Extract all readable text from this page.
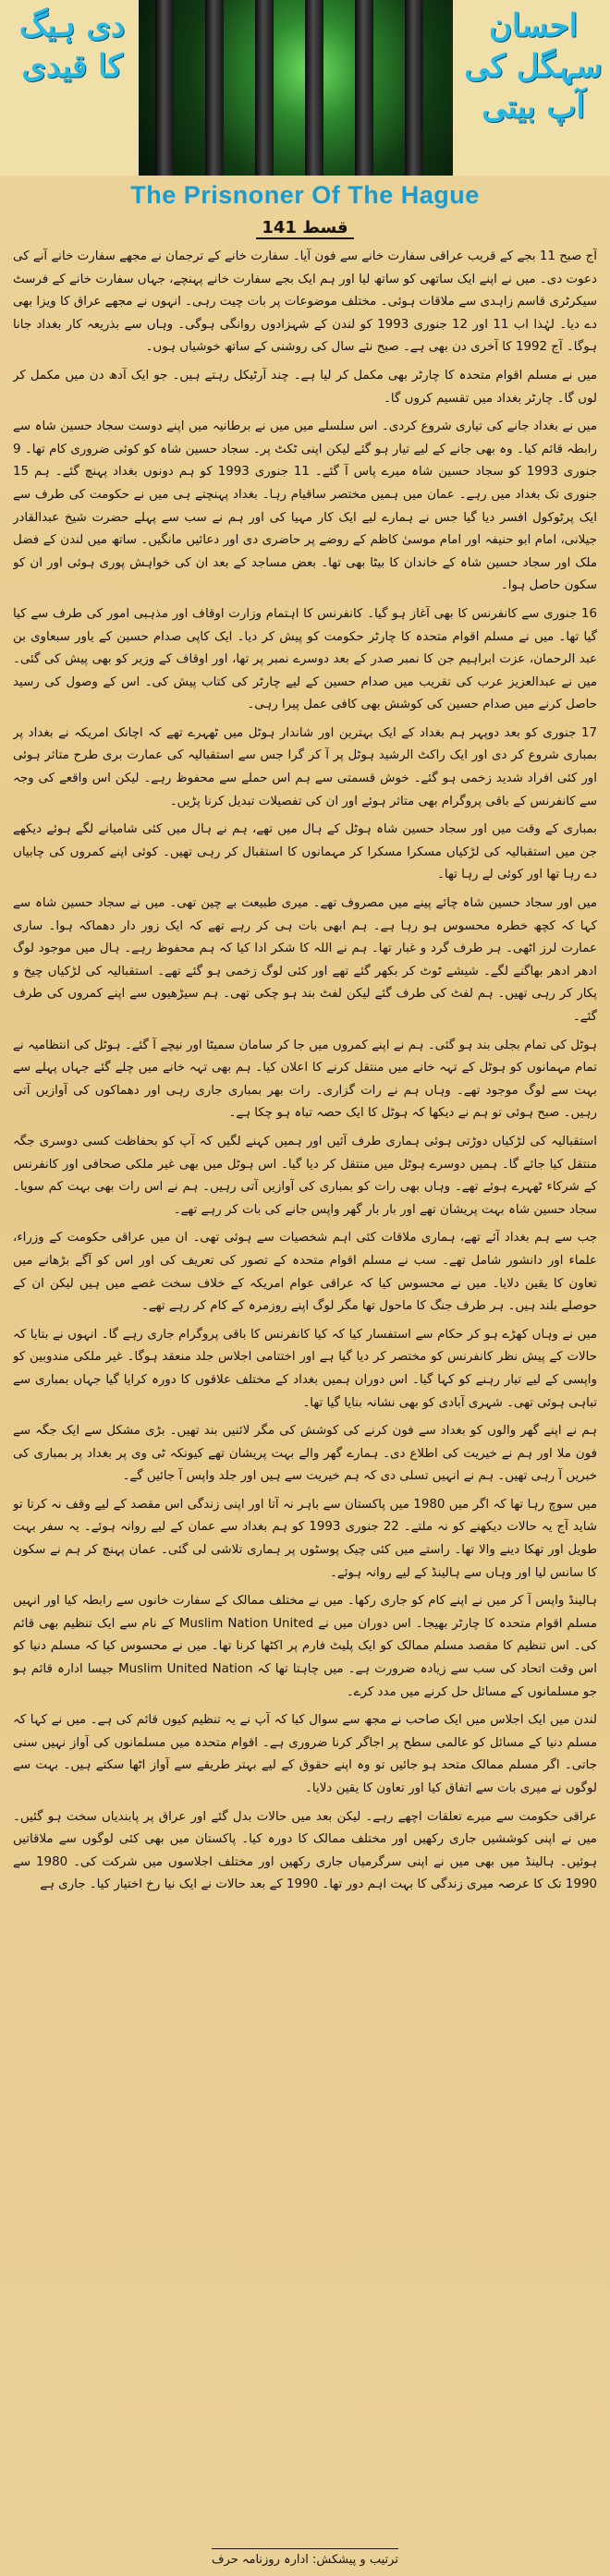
دی ہیگ کا قیدی
احسان سہگل کی آپ بیتی
The Prisnoner Of The Hague
قسط 141

آج صبح 11 بجے کے قریب عراقی سفارت خانے سے فون آیا۔ سفارت خانے کے ترجمان نے مجھے سفارت خانے آنے کی دعوت دی۔ میں نے اپنے ایک ساتھی کو ساتھ لیا اور ہم ایک بجے سفارت خانے پہنچے، جہاں سفارت خانے کے فرسٹ سیکرٹری قاسم زاہدی سے ملاقات ہوئی۔ مختلف موضوعات پر بات چیت رہی۔ انہوں نے مجھے عراق کا ویزا بھی دے دیا۔ لہٰذا اب 11 اور 12 جنوری 1993 کو لندن کے شہزادوں روانگی ہوگی۔ وہاں سے بذریعہ کار بغداد جانا ہوگا۔ آج 1992 کا آخری دن بھی ہے۔ صبح نئے سال کی روشنی کے ساتھ خوشیاں ہوں۔

میں نے مسلم اقوام متحدہ کا چارٹر بھی مکمل کر لیا ہے۔ چند آرٹیکل رہتے ہیں۔ جو ایک آدھ دن میں مکمل کر لوں گا۔ چارٹر بغداد میں تقسیم کروں گا۔

میں نے بغداد جانے کی تیاری شروع کردی۔ اس سلسلے میں میں نے برطانیہ میں اپنے دوست سجاد حسین شاہ سے رابطہ قائم کیا۔ وہ بھی جانے کے لیے تیار ہو گئے لیکن اپنی ٹکٹ پر۔ سجاد حسین شاہ کو کوئی ضروری کام تھا۔ 9 جنوری 1993 کو سجاد حسین شاہ میرے پاس آ گئے۔ 11 جنوری 1993 کو ہم دونوں بغداد پہنچ گئے۔ ہم 15 جنوری تک بغداد میں رہے۔ عمان میں ہمیں مختصر ساقیام رہا۔ بغداد پہنچتے ہی میں نے حکومت کی طرف سے ایک پرٹوکول افسر دیا گیا جس نے ہمارے لیے ایک کار مہیا کی اور ہم نے سب سے پہلے حضرت شیخ عبدالقادر جیلانی، امام ابو حنیفہ اور امام موسیٰ کاظم کے روضے پر حاضری دی اور دعائیں مانگیں۔ ساتھ میں لندن کے فضل ملک اور سجاد حسین شاہ کے خاندان کا بیٹا بھی تھا۔ بعض مساجد کے بعد ان کی خواہش پوری ہوئی اور ان کو سکون حاصل ہوا۔

16 جنوری سے کانفرنس کا بھی آغاز ہو گیا۔ کانفرنس کا اہتمام وزارت اوقاف اور مذہبی امور کی طرف سے کیا گیا تھا۔ میں نے مسلم اقوام متحدہ کا چارٹر حکومت کو پیش کر دیا۔ ایک کاپی صدام حسین کے یاور سبعاوی بن عبد الرحمان، عزت ابراہیم جن کا نمبر صدر کے بعد دوسرے نمبر پر تھا، اور اوقاف کے وزیر کو بھی پیش کی گئی۔ میں نے عبدالعزیز عرب کی تقریب میں صدام حسین کے لیے چارٹر کی کتاب پیش کی۔ اس کے وصول کی رسید حاصل کرنے میں صدام حسین کی کوشش بھی کافی عمل پیرا رہی۔

17 جنوری کو بعد دوپہر ہم بغداد کے ایک بہترین اور شاندار ہوٹل میں ٹھہرے تھے کہ اچانک امریکہ نے بغداد پر بمباری شروع کر دی اور ایک راکٹ الرشید ہوٹل پر آ کر گرا جس سے استقبالیہ کی عمارت بری طرح متاثر ہوئی اور کئی افراد شدید زخمی ہو گئے۔ خوش قسمتی سے ہم اس حملے سے محفوظ رہے۔ لیکن اس واقعے کی وجہ سے کانفرنس کے باقی پروگرام بھی متاثر ہوئے اور ان کی تفصیلات تبدیل کرنا پڑیں۔

بمباری کے وقت میں اور سجاد حسین شاہ ہوٹل کے ہال میں تھے، ہم نے ہال میں کئی شامیانے لگے ہوئے دیکھے جن میں استقبالیہ کی لڑکیاں مسکرا مسکرا کر مہمانوں کا استقبال کر رہی تھیں۔ کوئی اپنے کمروں کی چابیاں دے رہا تھا اور کوئی لے رہا تھا۔

میں اور سجاد حسین شاہ چائے پینے میں مصروف تھے۔ میری طبیعت بے چین تھی۔ میں نے سجاد حسین شاہ سے کہا کہ کچھ خطرہ محسوس ہو رہا ہے۔ ہم ابھی بات ہی کر رہے تھے کہ ایک زور دار دھماکہ ہوا۔ ساری عمارت لرز اٹھی۔ ہر طرف گرد و غبار تھا۔ ہم نے اللہ کا شکر ادا کیا کہ ہم محفوظ رہے۔ ہال میں موجود لوگ ادھر ادھر بھاگنے لگے۔ شیشے ٹوٹ کر بکھر گئے تھے اور کئی لوگ زخمی ہو گئے تھے۔ استقبالیہ کی لڑکیاں چیخ و پکار کر رہی تھیں۔ ہم لفٹ کی طرف گئے لیکن لفٹ بند ہو چکی تھی۔ ہم سیڑھیوں سے اپنے کمروں کی طرف گئے۔

ہوٹل کی تمام بجلی بند ہو گئی۔ ہم نے اپنے کمروں میں جا کر سامان سمیٹا اور نیچے آ گئے۔ ہوٹل کی انتظامیہ نے تمام مہمانوں کو ہوٹل کے تہہ خانے میں منتقل کرنے کا اعلان کیا۔ ہم بھی تہہ خانے میں چلے گئے جہاں پہلے سے بہت سے لوگ موجود تھے۔ وہاں ہم نے رات گزاری۔ رات بھر بمباری جاری رہی اور دھماکوں کی آوازیں آتی رہیں۔ صبح ہوئی تو ہم نے دیکھا کہ ہوٹل کا ایک حصہ تباہ ہو چکا ہے۔

استقبالیہ کی لڑکیاں دوڑتی ہوئی ہماری طرف آئیں اور ہمیں کہنے لگیں کہ آپ کو بحفاظت کسی دوسری جگہ منتقل کیا جائے گا۔ ہمیں دوسرے ہوٹل میں منتقل کر دیا گیا۔ اس ہوٹل میں بھی غیر ملکی صحافی اور کانفرنس کے شرکاء ٹھہرے ہوئے تھے۔ وہاں بھی رات کو بمباری کی آوازیں آتی رہیں۔ ہم نے اس رات بھی بہت کم سویا۔ سجاد حسین شاہ بہت پریشان تھے اور بار بار گھر واپس جانے کی بات کر رہے تھے۔

جب سے ہم بغداد آئے تھے، ہماری ملاقات کئی اہم شخصیات سے ہوئی تھی۔ ان میں عراقی حکومت کے وزراء، علماء اور دانشور شامل تھے۔ سب نے مسلم اقوام متحدہ کے تصور کی تعریف کی اور اس کو آگے بڑھانے میں تعاون کا یقین دلایا۔ میں نے محسوس کیا کہ عراقی عوام امریکہ کے خلاف سخت غصے میں ہیں لیکن ان کے حوصلے بلند ہیں۔ ہر طرف جنگ کا ماحول تھا مگر لوگ اپنے روزمرہ کے کام کر رہے تھے۔

میں نے وہاں کھڑے ہو کر حکام سے استفسار کیا کہ کیا کانفرنس کا باقی پروگرام جاری رہے گا۔ انہوں نے بتایا کہ حالات کے پیش نظر کانفرنس کو مختصر کر دیا گیا ہے اور اختتامی اجلاس جلد منعقد ہوگا۔ غیر ملکی مندوبین کو واپسی کے لیے تیار رہنے کو کہا گیا۔ اس دوران ہمیں بغداد کے مختلف علاقوں کا دورہ کرایا گیا جہاں بمباری سے تباہی ہوئی تھی۔ شہری آبادی کو بھی نشانہ بنایا گیا تھا۔

ہم نے اپنے گھر والوں کو بغداد سے فون کرنے کی کوشش کی مگر لائنیں بند تھیں۔ بڑی مشکل سے ایک جگہ سے فون ملا اور ہم نے خیریت کی اطلاع دی۔ ہمارے گھر والے بہت پریشان تھے کیونکہ ٹی وی پر بغداد پر بمباری کی خبریں آ رہی تھیں۔ ہم نے انہیں تسلی دی کہ ہم خیریت سے ہیں اور جلد واپس آ جائیں گے۔

میں سوچ رہا تھا کہ اگر میں 1980 میں پاکستان سے باہر نہ آتا اور اپنی زندگی اس مقصد کے لیے وقف نہ کرتا تو شاید آج یہ حالات دیکھنے کو نہ ملتے۔ 22 جنوری 1993 کو ہم بغداد سے عمان کے لیے روانہ ہوئے۔ یہ سفر بہت طویل اور تھکا دینے والا تھا۔ راستے میں کئی چیک پوسٹوں پر ہماری تلاشی لی گئی۔ عمان پہنچ کر ہم نے سکون کا سانس لیا اور وہاں سے ہالینڈ کے لیے روانہ ہوئے۔

ہالینڈ واپس آ کر میں نے اپنے کام کو جاری رکھا۔ میں نے مختلف ممالک کے سفارت خانوں سے رابطہ کیا اور انہیں مسلم اقوام متحدہ کا چارٹر بھیجا۔ اس دوران میں نے Muslim Nation United کے نام سے ایک تنظیم بھی قائم کی۔ اس تنظیم کا مقصد مسلم ممالک کو ایک پلیٹ فارم پر اکٹھا کرنا تھا۔ میں نے محسوس کیا کہ مسلم دنیا کو اس وقت اتحاد کی سب سے زیادہ ضرورت ہے۔ میں چاہتا تھا کہ Muslim United Nation جیسا ادارہ قائم ہو جو مسلمانوں کے مسائل حل کرنے میں مدد کرے۔

لندن میں ایک اجلاس میں ایک صاحب نے مجھ سے سوال کیا کہ آپ نے یہ تنظیم کیوں قائم کی ہے۔ میں نے کہا کہ مسلم دنیا کے مسائل کو عالمی سطح پر اجاگر کرنا ضروری ہے۔ اقوام متحدہ میں مسلمانوں کی آواز نہیں سنی جاتی۔ اگر مسلم ممالک متحد ہو جائیں تو وہ اپنے حقوق کے لیے بہتر طریقے سے آواز اٹھا سکتے ہیں۔ بہت سے لوگوں نے میری بات سے اتفاق کیا اور تعاون کا یقین دلایا۔

عراقی حکومت سے میرے تعلقات اچھے رہے۔ لیکن بعد میں حالات بدل گئے اور عراق پر پابندیاں سخت ہو گئیں۔ میں نے اپنی کوششیں جاری رکھیں اور مختلف ممالک کا دورہ کیا۔ پاکستان میں بھی کئی لوگوں سے ملاقاتیں ہوئیں۔ ہالینڈ میں بھی میں نے اپنی سرگرمیاں جاری رکھیں اور مختلف اجلاسوں میں شرکت کی۔ 1980 سے 1990 تک کا عرصہ میری زندگی کا بہت اہم دور تھا۔ 1990 کے بعد حالات نے ایک نیا رخ اختیار کیا۔ جاری ہے

ترتیب و پیشکش: ادارہ روزنامہ حرف
